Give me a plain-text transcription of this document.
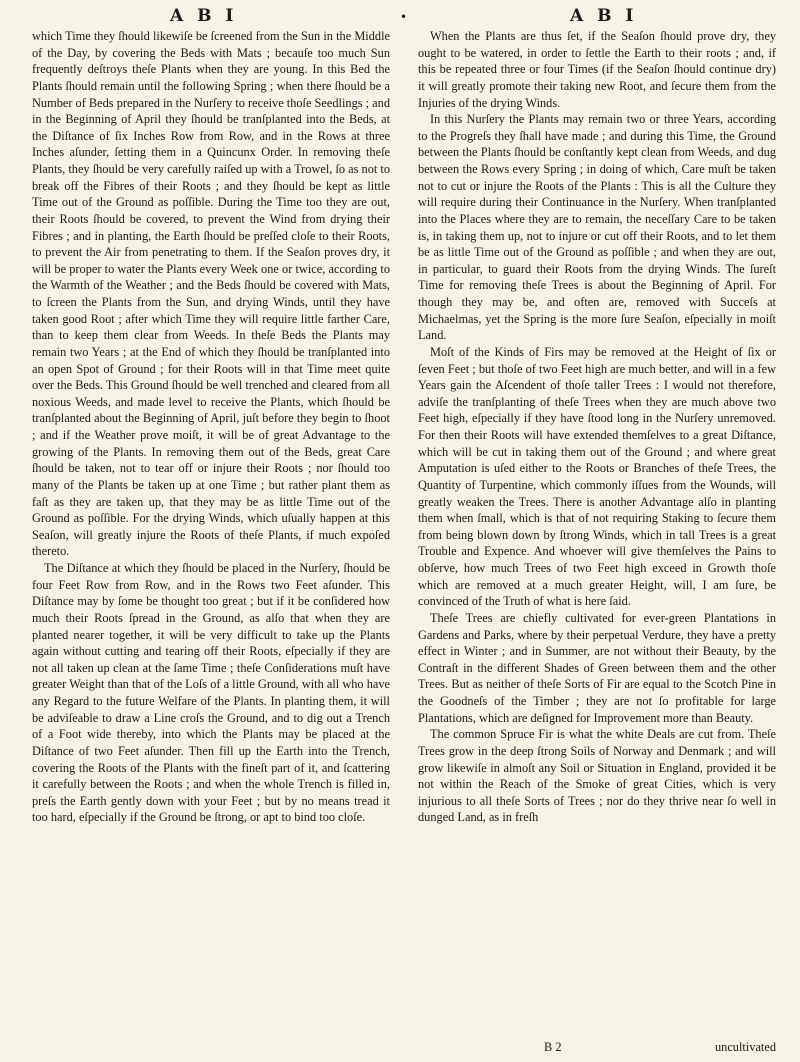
A B I	•	A B I

which Time they ſhould likewiſe be ſcreened from the Sun in the Middle of the Day, by covering the Beds with Mats ; becauſe too much Sun frequently deſtroys theſe Plants when they are young. In this Bed the Plants ſhould remain until the following Spring ; when there ſhould be a Number of Beds prepared in the Nurſery to receive thoſe Seedlings ; and in the Beginning of April they ſhould be tranſplanted into the Beds, at the Diſtance of ſix Inches Row from Row, and in the Rows at three Inches aſunder, ſetting them in a Quincunx Order. In removing theſe Plants, they ſhould be very carefully raiſed up with a Trowel, ſo as not to break off the Fibres of their Roots ; and they ſhould be kept as little Time out of the Ground as poſſible. During the Time too they are out, their Roots ſhould be covered, to prevent the Wind from drying their Fibres ; and in planting, the Earth ſhould be preſſed cloſe to their Roots, to prevent the Air from penetrating to them. If the Seaſon proves dry, it will be proper to water the Plants every Week one or twice, according to the Warmth of the Weather ; and the Beds ſhould be covered with Mats, to ſcreen the Plants from the Sun, and drying Winds, until they have taken good Root ; after which Time they will require little farther Care, than to keep them clear from Weeds. In theſe Beds the Plants may remain two Years ; at the End of which they ſhould be tranſplanted into an open Spot of Ground ; for their Roots will in that Time meet quite over the Beds. This Ground ſhould be well trenched and cleared from all noxious Weeds, and made level to receive the Plants, which ſhould be tranſplanted about the Beginning of April, juſt before they begin to ſhoot ; and if the Weather prove moiſt, it will be of great Advantage to the growing of the Plants. In removing them out of the Beds, great Care ſhould be taken, not to tear off or injure their Roots ; nor ſhould too many of the Plants be taken up at one Time ; but rather plant them as faſt as they are taken up, that they may be as little Time out of the Ground as poſſible. For the drying Winds, which uſually happen at this Seaſon, will greatly injure the Roots of theſe Plants, if much expoſed thereto.

The Diſtance at which they ſhould be placed in the Nurſery, ſhould be four Feet Row from Row, and in the Rows two Feet aſunder. This Diſtance may by ſome be thought too great ; but if it be conſidered how much their Roots ſpread in the Ground, as alſo that when they are planted nearer together, it will be very difficult to take up the Plants again without cutting and tearing off their Roots, eſpecially if they are not all taken up clean at the ſame Time ; theſe Conſiderations muſt have greater Weight than that of the Loſs of a little Ground, with all who have any Regard to the future Welfare of the Plants. In planting them, it will be adviſeable to draw a Line croſs the Ground, and to dig out a Trench of a Foot wide thereby, into which the Plants may be placed at the Diſtance of two Feet aſunder. Then fill up the Earth into the Trench, covering the Roots of the Plants with the fineſt part of it, and ſcattering it carefully between the Roots ; and when the whole Trench is filled in, preſs the Earth gently down with your Feet ; but by no means tread it too hard, eſpecially if the Ground be ſtrong, or apt to bind too cloſe.

When the Plants are thus ſet, if the Seaſon ſhould prove dry, they ought to be watered, in order to ſettle the Earth to their roots ; and, if this be repeated three or four Times (if the Seaſon ſhould continue dry) it will greatly promote their taking new Root, and ſecure them from the Injuries of the drying Winds.

In this Nurſery the Plants may remain two or three Years, according to the Progreſs they ſhall have made ; and during this Time, the Ground between the Plants ſhould be conſtantly kept clean from Weeds, and dug between the Rows every Spring ; in doing of which, Care muſt be taken not to cut or injure the Roots of the Plants : This is all the Culture they will require during their Continuance in the Nurſery. When tranſplanted into the Places where they are to remain, the neceſſary Care to be taken is, in taking them up, not to injure or cut off their Roots, and to let them be as little Time out of the Ground as poſſible ; and when they are out, in particular, to guard their Roots from the drying Winds. The ſureſt Time for removing theſe Trees is about the Beginning of April. For though they may be, and often are, removed with Succeſs at Michaelmas, yet the Spring is the more ſure Seaſon, eſpecially in moiſt Land.

Moſt of the Kinds of Firs may be removed at the Height of ſix or ſeven Feet ; but thoſe of two Feet high are much better, and will in a few Years gain the Aſcendent of thoſe taller Trees : I would not therefore, adviſe the tranſplanting of theſe Trees when they are much above two Feet high, eſpecially if they have ſtood long in the Nurſery unremoved. For then their Roots will have extended themſelves to a great Diſtance, which will be cut in taking them out of the Ground ; and where great Amputation is uſed either to the Roots or Branches of theſe Trees, the Quantity of Turpentine, which commonly iſſues from the Wounds, will greatly weaken the Trees. There is another Advantage alſo in planting them when ſmall, which is that of not requiring Staking to ſecure them from being blown down by ſtrong Winds, which in tall Trees is a great Trouble and Expence. And whoever will give themſelves the Pains to obſerve, how much Trees of two Feet high exceed in Growth thoſe which are removed at a much greater Height, will, I am ſure, be convinced of the Truth of what is here ſaid.

Theſe Trees are chiefly cultivated for ever-green Plantations in Gardens and Parks, where by their perpetual Verdure, they have a pretty effect in Winter ; and in Summer, are not without their Beauty, by the Contraſt in the different Shades of Green between them and the other Trees. But as neither of theſe Sorts of Fir are equal to the Scotch Pine in the Goodneſs of the Timber ; they are not ſo profitable for large Plantations, which are deſigned for Improvement more than Beauty.

The common Spruce Fir is what the white Deals are cut from. Theſe Trees grow in the deep ſtrong Soils of Norway and Denmark ; and will grow likewiſe in almoſt any Soil or Situation in England, provided it be not within the Reach of the Smoke of great Cities, which is very injurious to all theſe Sorts of Trees ; nor do they thrive near ſo well in dunged Land, as in freſh

B 2	uncultivated
